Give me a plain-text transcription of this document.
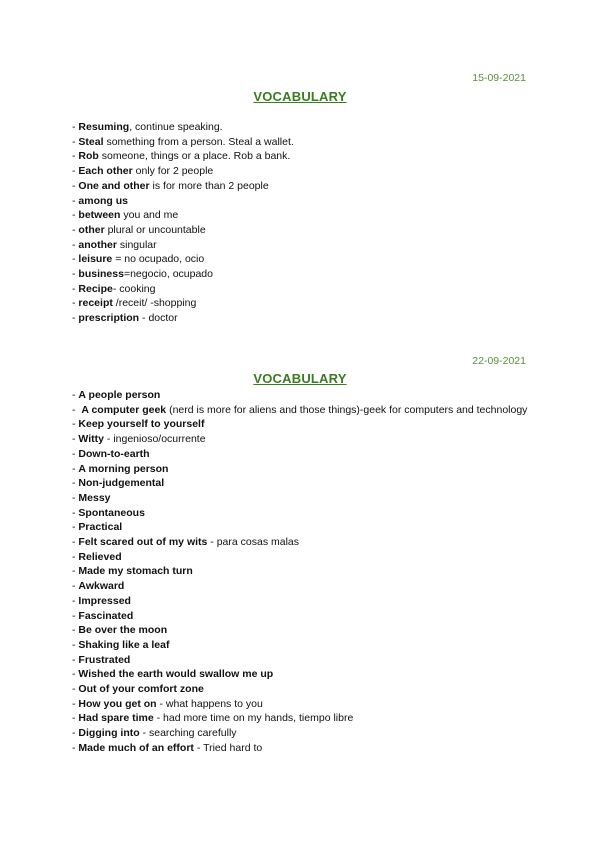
15-09-2021
VOCABULARY
- Resuming, continue speaking.
- Steal something from a person. Steal a wallet.
- Rob someone, things or a place. Rob a bank.
- Each other only for 2 people
- One and other is for more than 2 people
- among us
- between you and me
- other plural or uncountable
- another singular
- leisure = no ocupado, ocio
- business=negocio, ocupado
- Recipe- cooking
- receipt /receit/ -shopping
- prescription - doctor
22-09-2021
VOCABULARY
- A people person
-  A computer geek (nerd is more for aliens and those things)-geek for computers and technology
- Keep yourself to yourself
- Witty - ingenioso/ocurrente
- Down-to-earth
- A morning person
- Non-judgemental
- Messy
- Spontaneous
- Practical
- Felt scared out of my wits - para cosas malas
- Relieved
- Made my stomach turn
- Awkward
- Impressed
- Fascinated
- Be over the moon
- Shaking like a leaf
- Frustrated
- Wished the earth would swallow me up
- Out of your comfort zone
- How you get on - what happens to you
- Had spare time - had more time on my hands, tiempo libre
- Digging into - searching carefully
- Made much of an effort - Tried hard to
